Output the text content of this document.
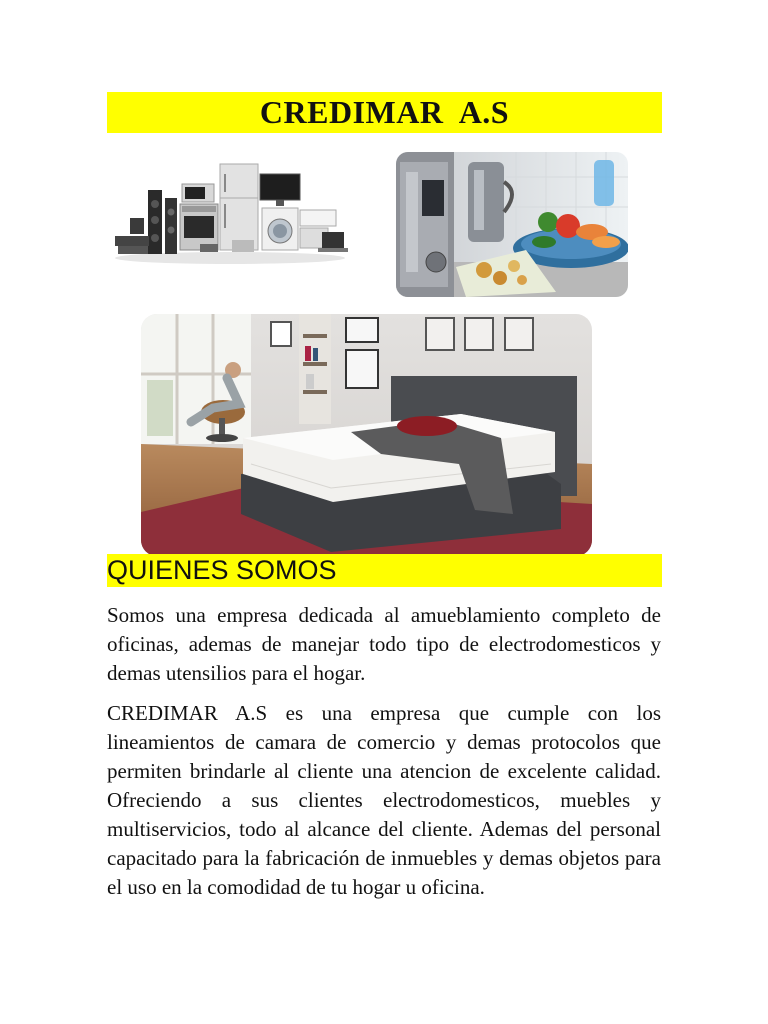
CREDIMAR  A.S
QUIENES SOMOS

Somos una empresa dedicada al amueblamiento completo de oficinas, ademas de manejar todo tipo de electrodomesticos y demas utensilios para el hogar.

CREDIMAR A.S es una empresa que cumple con los lineamientos de camara de comercio y demas protocolos que permiten brindarle al cliente una atencion de excelente calidad. Ofreciendo a sus clientes electrodomesticos, muebles y multiservicios, todo al alcance del cliente. Ademas del personal capacitado para la fabricación de inmuebles y demas objetos para el uso en la comodidad de tu hogar u oficina.
